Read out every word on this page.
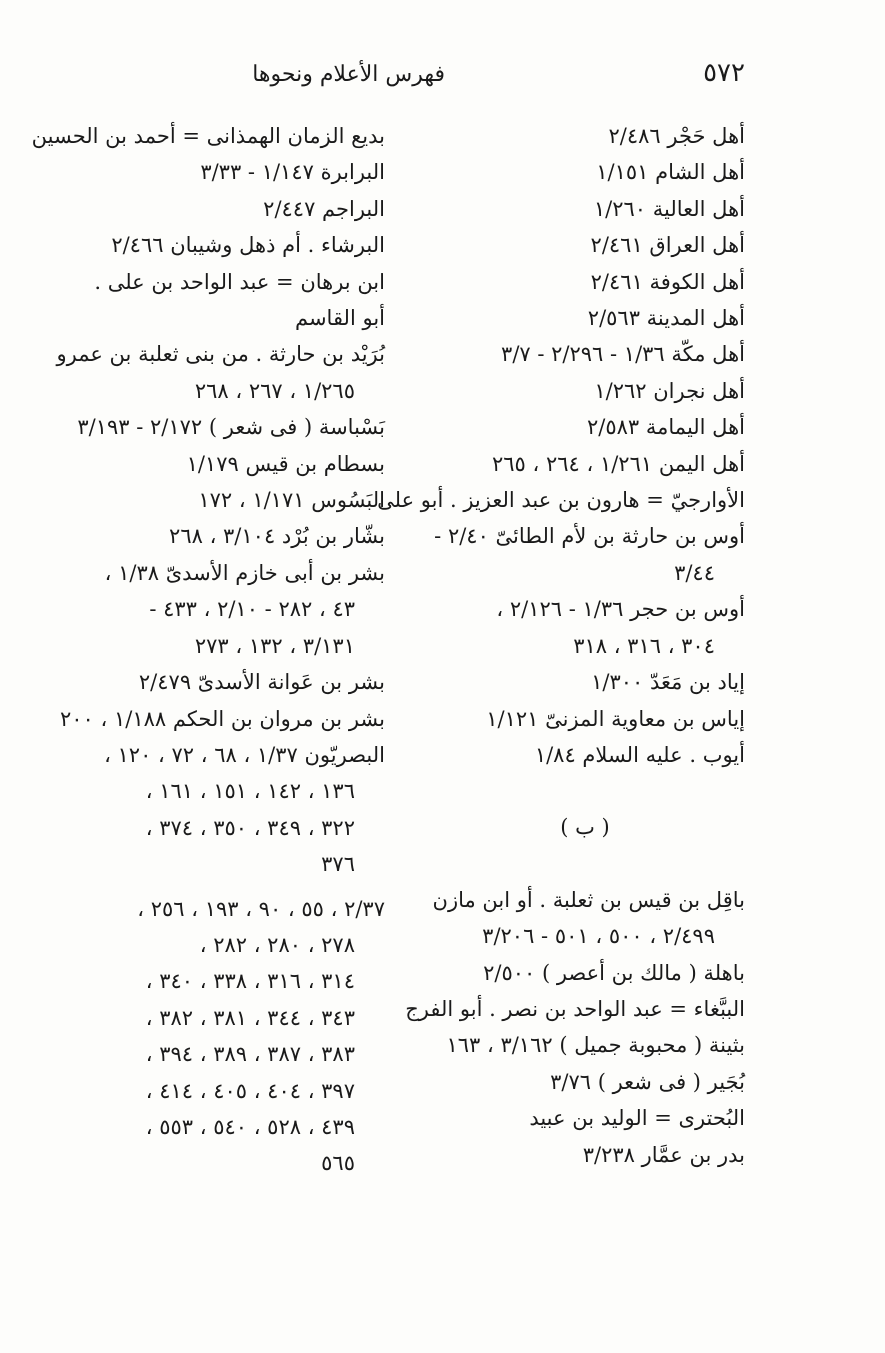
٥٧٢
فهرس الأعلام ونحوها
أهل حَجْر ٢/٤٨٦
أهل الشام ١/١٥١
أهل العالية ١/٢٦٠
أهل العراق ٢/٤٦١
أهل الكوفة ٢/٤٦١
أهل المدينة ٢/٥٦٣
أهل مكّة ١/٣٦ - ٢/٢٩٦ - ٣/٧
أهل نجران ١/٢٦٢
أهل اليمامة ٢/٥٨٣
أهل اليمن ١/٢٦١ ، ٢٦٤ ، ٢٦٥
الأوارجيّ = هارون بن عبد العزيز . أبو على
أوس بن حارثة بن لأم الطائىّ ٢/٤٠ -
٣/٤٤
أوس بن حجر ١/٣٦ - ٢/١٢٦ ،
٣٠٤ ، ٣١٦ ، ٣١٨
إياد بن مَعَدّ ١/٣٠٠
إياس بن معاوية المزنىّ ١/١٢١
أيوب . عليه السلام ١/٨٤
( ب )
باقِل بن قيس بن ثعلبة . أو ابن مازن
٢/٤٩٩ ، ٥٠٠ ، ٥٠١ - ٣/٢٠٦
باهلة ( مالك بن أعصر ) ٢/٥٠٠
الببَّغاء = عبد الواحد بن نصر . أبو الفرج
بثينة ( محبوبة جميل ) ٣/١٦٢ ، ١٦٣
بُجَير ( فى شعر ) ٣/٧٦
البُحترى = الوليد بن عبيد
بدر بن عمَّار ٣/٢٣٨
بديع الزمان الهمذانى = أحمد بن الحسين
البرابرة ١/١٤٧ - ٣/٣٣
البراجم ٢/٤٤٧
البرشاء . أم ذهل وشيبان ٢/٤٦٦
ابن برهان = عبد الواحد بن على .
أبو القاسم
بُرَيْد بن حارثة . من بنى ثعلبة بن عمرو
١/٢٦٥ ، ٢٦٧ ، ٢٦٨
بَسْباسة ( فى شعر ) ٢/١٧٢ - ٣/١٩٣
بسطام بن قيس ١/١٧٩
البَسُوس ١/١٧١ ، ١٧٢
بشّار بن بُرْد ٣/١٠٤ ، ٢٦٨
بشر بن أبى خازم الأسدىّ ١/٣٨ ،
٤٣ ، ٢٨٢ - ٢/١٠ ، ٤٣٣ -
٣/١٣١ ، ١٣٢ ، ٢٧٣
بشر بن عَوانة الأسدىّ ٢/٤٧٩
بشر بن مروان بن الحكم ١/١٨٨ ، ٢٠٠
البصريّون ١/٣٧ ، ٦٨ ، ٧٢ ، ١٢٠ ،
١٣٦ ، ١٤٢ ، ١٥١ ، ١٦١ ،
٣٢٢ ، ٣٤٩ ، ٣٥٠ ، ٣٧٤ ،
٣٧٦
٢/٣٧ ، ٥٥ ، ٩٠ ، ١٩٣ ، ٢٥٦ ،
٢٧٨ ، ٢٨٠ ، ٢٨٢ ،
٣١٤ ، ٣١٦ ، ٣٣٨ ، ٣٤٠ ،
٣٤٣ ، ٣٤٤ ، ٣٨١ ، ٣٨٢ ،
٣٨٣ ، ٣٨٧ ، ٣٨٩ ، ٣٩٤ ،
٣٩٧ ، ٤٠٤ ، ٤٠٥ ، ٤١٤ ،
٤٣٩ ، ٥٢٨ ، ٥٤٠ ، ٥٥٣ ،
٥٦٥
